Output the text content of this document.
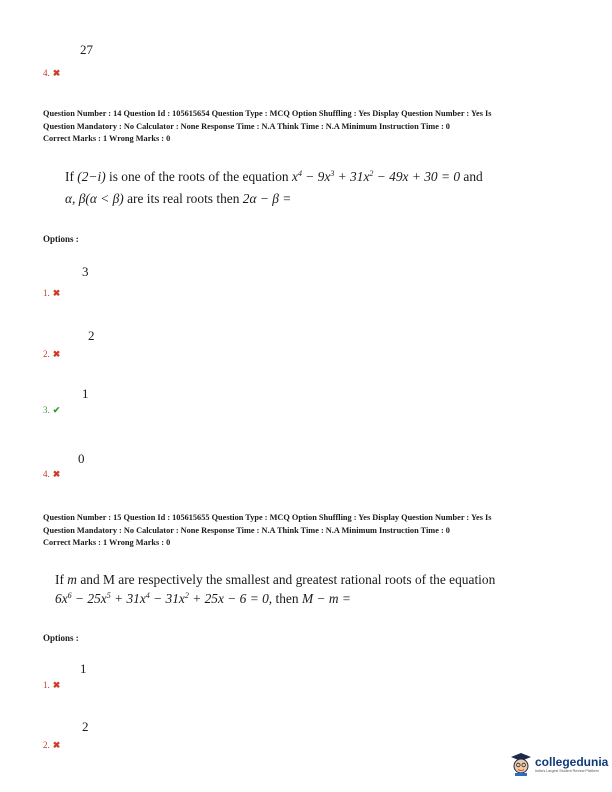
27
4. ✖
Question Number : 14 Question Id : 105615654 Question Type : MCQ Option Shuffling : Yes Display Question Number : Yes Is
Question Mandatory : No Calculator : None Response Time : N.A Think Time : N.A Minimum Instruction Time : 0
Correct Marks : 1 Wrong Marks : 0
If (2−i) is one of the roots of the equation $x^4 - 9x^3 + 31x^2 - 49x + 30 = 0$ and
α, β(α < β) are its real roots then 2α − β =
Options :
3
1. ✖
2
2. ✖
1
3. ✔
0
4. ✖
Question Number : 15 Question Id : 105615655 Question Type : MCQ Option Shuffling : Yes Display Question Number : Yes Is
Question Mandatory : No Calculator : None Response Time : N.A Think Time : N.A Minimum Instruction Time : 0
Correct Marks : 1 Wrong Marks : 0
If m and M are respectively the smallest and greatest rational roots of the equation
$6x^6 - 25x^5 + 31x^4 - 31x^2 + 25x - 6 = 0$, then M − m =
Options :
1
1. ✖
2
2. ✖
collegedunia
India's Largest Student Review Platform
